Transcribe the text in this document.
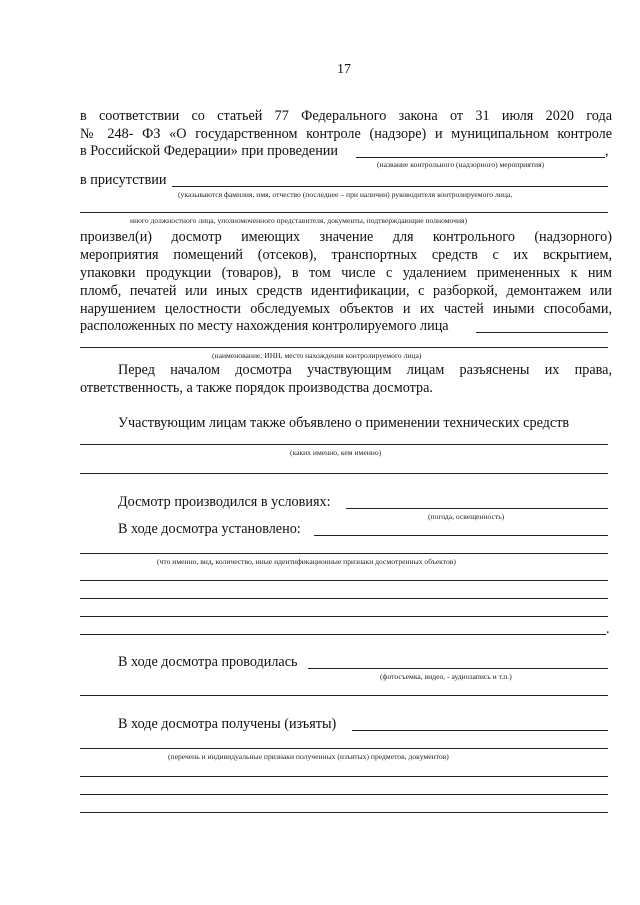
17
в соответствии со статьей 77 Федерального закона от 31 июля 2020 года
№ 248- ФЗ «О государственном контроле (надзоре) и муниципальном контроле
в Российской Федерации» при проведении	,
(название контрольного (надзорного) мероприятия)
в присутствии
(указываются фамилия, имя, отчество (последнее – при наличии) руководителя контролируемого лица,
иного должностного лица, уполномоченного представителя, документы, подтверждающие полномочия)
произвел(и) досмотр имеющих значение для контрольного (надзорного)
мероприятия помещений (отсеков), транспортных средств с их вскрытием,
упаковки продукции (товаров), в том числе с удалением примененных к ним
пломб, печатей или иных средств идентификации, с разборкой, демонтажем или
нарушением целостности обследуемых объектов и их частей иными способами,
расположенных по месту нахождения контролируемого лица
(наименование, ИНН, место нахождения контролируемого лица)
Перед началом досмотра участвующим лицам разъяснены их права,
ответственность, а также порядок производства досмотра.
Участвующим лицам также объявлено о применении технических средств
(каких именно, кем именно)
Досмотр производился в условиях:
(погода, освещенность)
В ходе досмотра установлено:
(что именно, вид, количество, иные идентификационные признаки досмотренных объектов)
.
В ходе досмотра проводилась
(фотосъемка, видео, - аудиозапись и т.п.)
В ходе досмотра получены (изъяты)
(перечень и индивидуальные признаки полученных (изъятых) предметов, документов)
